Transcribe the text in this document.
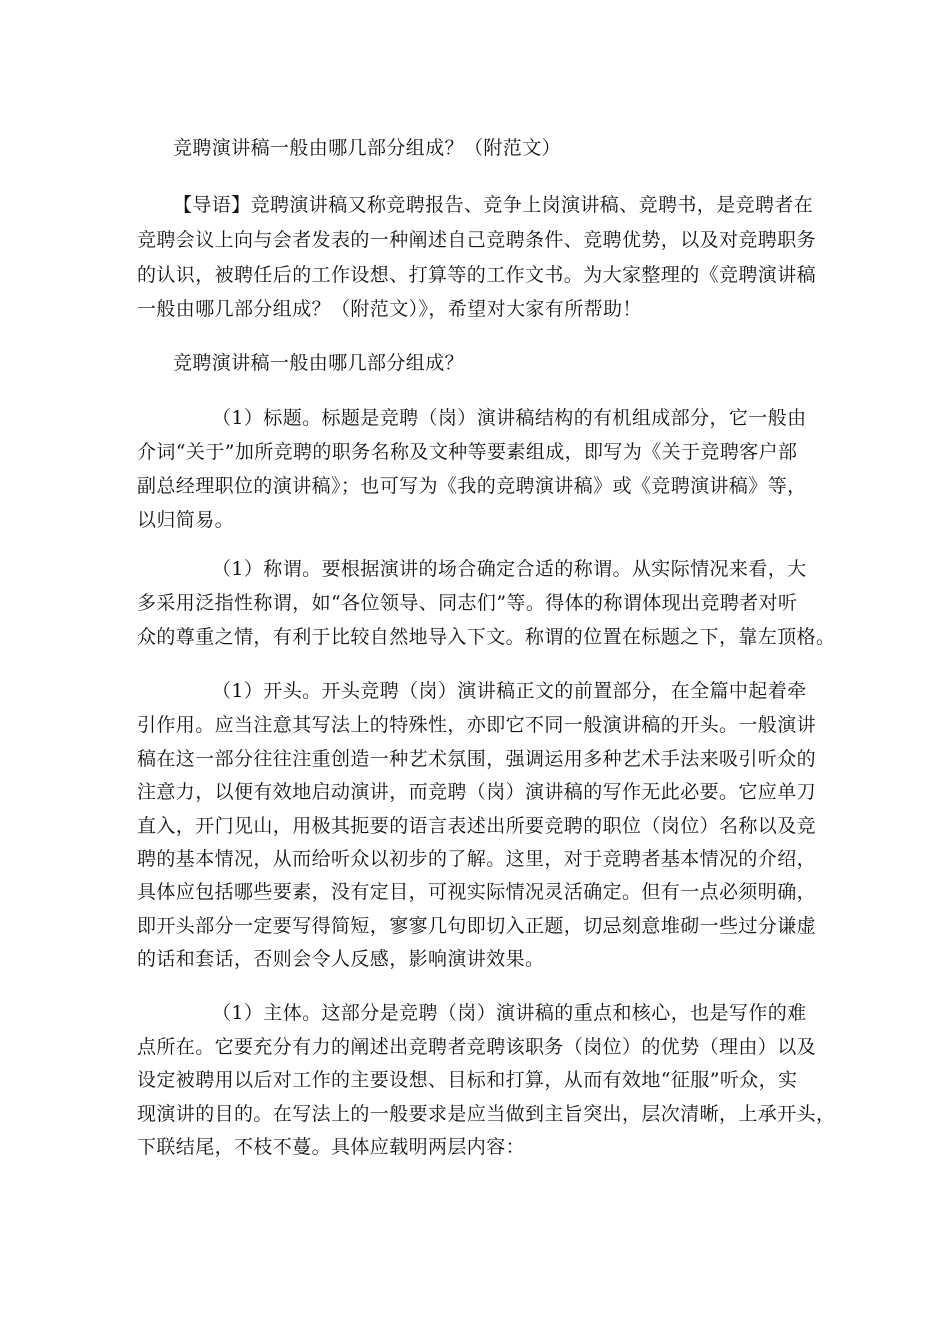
竞聘演讲稿一般由哪几部分组成？（附范文）
【导语】竞聘演讲稿又称竞聘报告、竞争上岗演讲稿、竞聘书，是竞聘者在
竞聘会议上向与会者发表的一种阐述自己竞聘条件、竞聘优势，以及对竞聘职务
的认识，被聘任后的工作设想、打算等的工作文书。为大家整理的《竞聘演讲稿
一般由哪几部分组成？（附范文）》，希望对大家有所帮助！
竞聘演讲稿一般由哪几部分组成？
（1）标题。标题是竞聘（岗）演讲稿结构的有机组成部分，它一般由
介词“关于”加所竞聘的职务名称及文种等要素组成，即写为《关于竞聘客户部
副总经理职位的演讲稿》；也可写为《我的竞聘演讲稿》或《竞聘演讲稿》等，
以归简易。
（1）称谓。要根据演讲的场合确定合适的称谓。从实际情况来看，大
多采用泛指性称谓，如“各位领导、同志们”等。得体的称谓体现出竞聘者对听
众的尊重之情，有利于比较自然地导入下文。称谓的位置在标题之下，靠左顶格。
（1）开头。开头竞聘（岗）演讲稿正文的前置部分，在全篇中起着牵
引作用。应当注意其写法上的特殊性，亦即它不同一般演讲稿的开头。一般演讲
稿在这一部分往往注重创造一种艺术氛围，强调运用多种艺术手法来吸引听众的
注意力，以便有效地启动演讲，而竞聘（岗）演讲稿的写作无此必要。它应单刀
直入，开门见山，用极其扼要的语言表述出所要竞聘的职位（岗位）名称以及竞
聘的基本情况，从而给听众以初步的了解。这里，对于竞聘者基本情况的介绍，
具体应包括哪些要素，没有定目，可视实际情况灵活确定。但有一点必须明确，
即开头部分一定要写得简短，寥寥几句即切入正题，切忌刻意堆砌一些过分谦虚
的话和套话，否则会令人反感，影响演讲效果。
（1）主体。这部分是竞聘（岗）演讲稿的重点和核心，也是写作的难
点所在。它要充分有力的阐述出竞聘者竞聘该职务（岗位）的优势（理由）以及
设定被聘用以后对工作的主要设想、目标和打算，从而有效地“征服”听众，实
现演讲的目的。在写法上的一般要求是应当做到主旨突出，层次清晰，上承开头，
下联结尾，不枝不蔓。具体应载明两层内容：
